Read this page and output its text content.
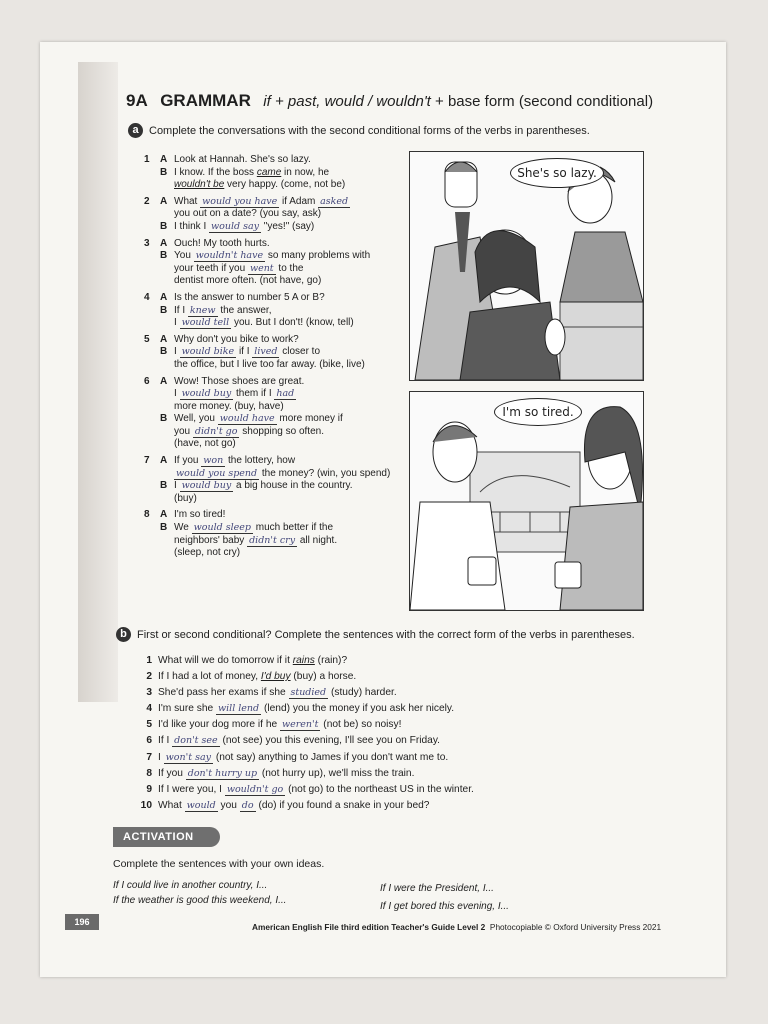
9A GRAMMAR if + past, would / wouldn't + base form (second conditional)
a Complete the conversations with the second conditional forms of the verbs in parentheses.
1 A Look at Hannah. She's so lazy.
B I know. If the boss came in now, he
wouldn't be very happy. (come, not be)
2 A What would you have if Adam asked
you out on a date? (you say, ask)
B I think I would say "yes!" (say)
3 A Ouch! My tooth hurts.
B You wouldn't have so many problems with
your teeth if you went to the
dentist more often. (not have, go)
4 A Is the answer to number 5 A or B?
B If I knew the answer,
I would tell you. But I don't! (know, tell)
5 A Why don't you bike to work?
B I would bike if I lived closer to
the office, but I live too far away. (bike, live)
6 A Wow! Those shoes are great.
I would buy them if I had
more money. (buy, have)
B Well, you would have more money if
you didn't go shopping so often.
(have, not go)
7 A If you won the lottery, how
would you spend the money? (win, you spend)
B I would buy a big house in the country.
(buy)
8 A I'm so tired!
B We would sleep much better if the
neighbors' baby didn't cry all night.
(sleep, not cry)
She's so lazy.
I'm so tired.
b First or second conditional? Complete the sentences with the correct form of the verbs in parentheses.
1 What will we do tomorrow if it rains (rain)?
2 If I had a lot of money, I'd buy (buy) a horse.
3 She'd pass her exams if she studied (study) harder.
4 I'm sure she will lend (lend) you the money if you ask her nicely.
5 I'd like your dog more if he weren't (not be) so noisy!
6 If I don't see (not see) you this evening, I'll see you on Friday.
7 I won't say (not say) anything to James if you don't want me to.
8 If you don't hurry up (not hurry up), we'll miss the train.
9 If I were you, I wouldn't go (not go) to the northeast US in the winter.
10 What would you do (do) if you found a snake in your bed?
ACTIVATION
Complete the sentences with your own ideas.
If I could live in another country, I...
If the weather is good this weekend, I...
If I were the President, I...
If I get bored this evening, I...
196	American English File third edition Teacher's Guide Level 2 Photocopiable © Oxford University Press 2021
